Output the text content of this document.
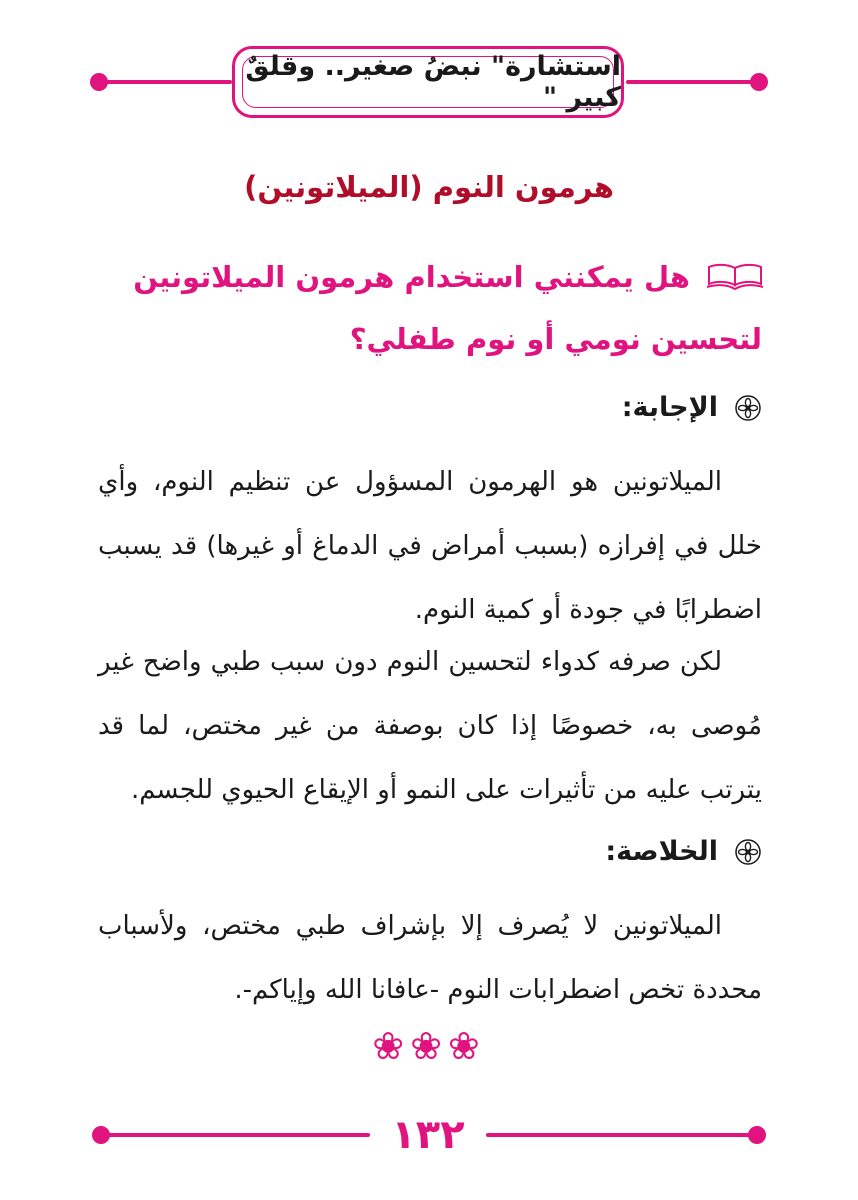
استشارة" نبضُ صغير.. وقلقٌ كبير "
هرمون النوم (الميلاتونين)
هل يمكنني استخدام هرمون الميلاتونين لتحسين نومي أو نوم طفلي؟
الإجابة:
الميلاتونين هو الهرمون المسؤول عن تنظيم النوم، وأي خلل في إفرازه (بسبب أمراض في الدماغ أو غيرها) قد يسبب اضطرابًا في جودة أو كمية النوم.
لكن صرفه كدواء لتحسين النوم دون سبب طبي واضح غير مُوصى به، خصوصًا إذا كان بوصفة من غير مختص، لما قد يترتب عليه من تأثيرات على النمو أو الإيقاع الحيوي للجسم.
الخلاصة:
الميلاتونين لا يُصرف إلا بإشراف طبي مختص، ولأسباب محددة تخص اضطرابات النوم -عافانا الله وإياكم-.
❀❀❀
١٣٢
